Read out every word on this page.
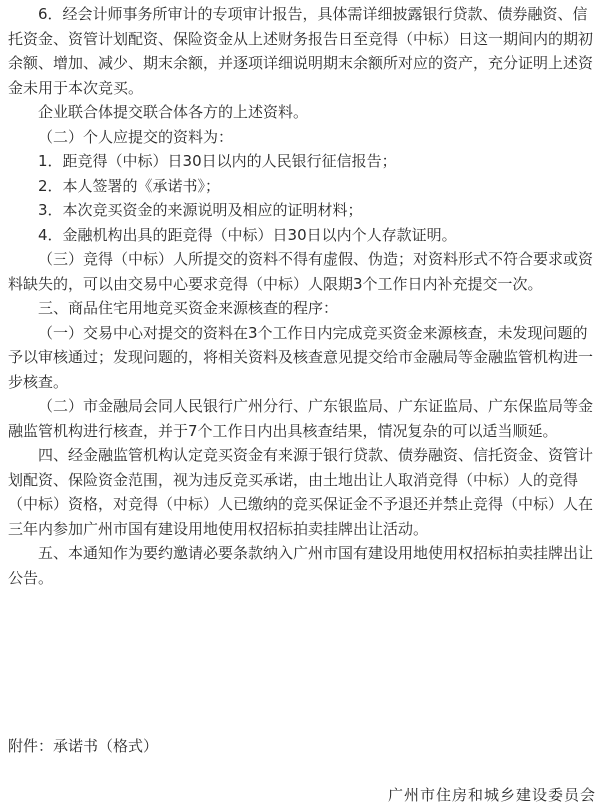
6．经会计师事务所审计的专项审计报告，具体需详细披露银行贷款、债券融资、信托资金、资管计划配资、保险资金从上述财务报告日至竞得（中标）日这一期间内的期初余额、增加、减少、期末余额，并逐项详细说明期末余额所对应的资产，充分证明上述资金未用于本次竞买。

企业联合体提交联合体各方的上述资料。

（二）个人应提交的资料为：

1．距竞得（中标）日30日以内的人民银行征信报告；

2．本人签署的《承诺书》；

3．本次竞买资金的来源说明及相应的证明材料；

4．金融机构出具的距竞得（中标）日30日以内个人存款证明。

（三）竞得（中标）人所提交的资料不得有虚假、伪造；对资料形式不符合要求或资料缺失的，可以由交易中心要求竞得（中标）人限期3个工作日内补充提交一次。

三、商品住宅用地竞买资金来源核查的程序：

（一）交易中心对提交的资料在3个工作日内完成竞买资金来源核查，未发现问题的予以审核通过；发现问题的，将相关资料及核查意见提交给市金融局等金融监管机构进一步核查。

（二）市金融局会同人民银行广州分行、广东银监局、广东证监局、广东保监局等金融监管机构进行核查，并于7个工作日内出具核查结果，情况复杂的可以适当顺延。

四、经金融监管机构认定竞买资金有来源于银行贷款、债券融资、信托资金、资管计划配资、保险资金范围，视为违反竞买承诺，由土地出让人取消竞得（中标）人的竞得（中标）资格，对竞得（中标）人已缴纳的竞买保证金不予退还并禁止竞得（中标）人在三年内参加广州市国有建设用地使用权招标拍卖挂牌出让活动。

五、本通知作为要约邀请必要条款纳入广州市国有建设用地使用权招标拍卖挂牌出让公告。

附件：承诺书（格式）
广州市住房和城乡建设委员会
